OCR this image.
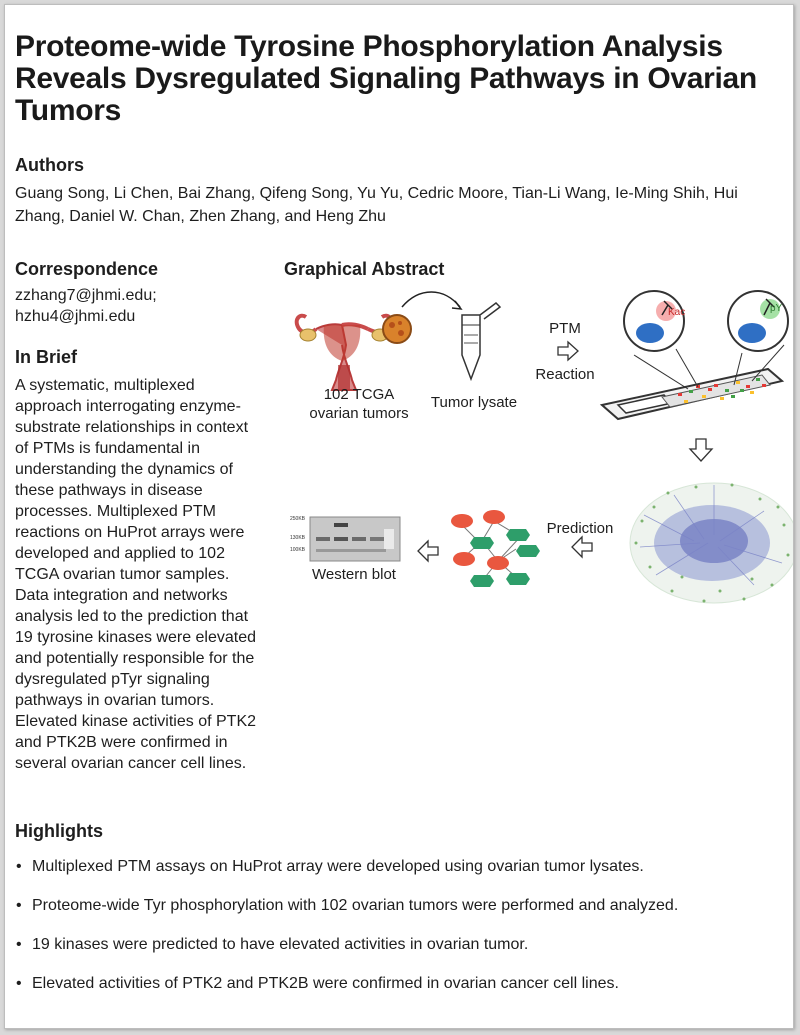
Proteome-wide Tyrosine Phosphorylation Analysis Reveals Dysregulated Signaling Pathways in Ovarian Tumors
Authors

Guang Song, Li Chen, Bai Zhang, Qifeng Song, Yu Yu, Cedric Moore, Tian-Li Wang, Ie-Ming Shih, Hui Zhang, Daniel W. Chan, Zhen Zhang, and Heng Zhu

Correspondence

zzhang7@jhmi.edu;
hzhu4@jhmi.edu

In Brief

A systematic, multiplexed approach interrogating enzyme-substrate relationships in context of PTMs is fundamental in understanding the dynamics of these pathways in disease processes. Multiplexed PTM reactions on HuProt arrays were developed and applied to 102 TCGA ovarian tumor samples. Data integration and networks analysis led to the prediction that 19 tyrosine kinases were elevated and potentially responsible for the dysregulated pTyr signaling pathways in ovarian tumors. Elevated kinase activities of PTK2 and PTK2B were confirmed in several ovarian cancer cell lines.

Graphical Abstract
250KB
130KB
100KB
Kac	pY
102 TCGA ovarian tumors
Tumor lysate
PTM
Reaction
Prediction
Western blot
Highlights
• Multiplexed PTM assays on HuProt array were developed using ovarian tumor lysates.
• Proteome-wide Tyr phosphorylation with 102 ovarian tumors were performed and analyzed.
• 19 kinases were predicted to have elevated activities in ovarian tumor.
• Elevated activities of PTK2 and PTK2B were confirmed in ovarian cancer cell lines.
